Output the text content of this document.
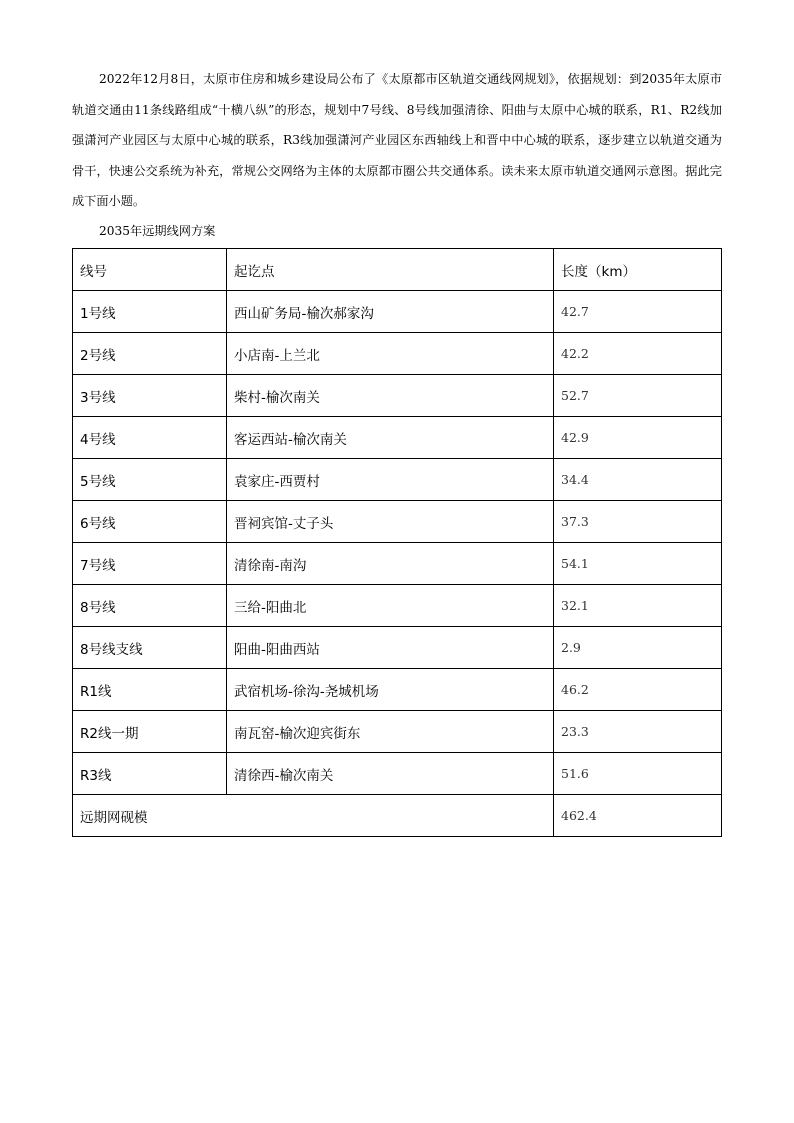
2022年12月8日，太原市住房和城乡建设局公布了《太原都市区轨道交通线网规划》，依据规划：到2035年太原市轨道交通由11条线路组成“十横八纵”的形态，规划中7号线、8号线加强清徐、阳曲与太原中心城的联系，R1、R2线加强潇河产业园区与太原中心城的联系，R3线加强潇河产业园区东西轴线上和晋中中心城的联系，逐步建立以轨道交通为骨干，快速公交系统为补充，常规公交网络为主体的太原都市圈公共交通体系。读未来太原市轨道交通网示意图。据此完成下面小题。

2035年远期线网方案

线号	起讫点	长度（km）
1号线	西山矿务局-榆次郝家沟	42.7
2号线	小店南-上兰北	42.2
3号线	柴村-榆次南关	52.7
4号线	客运西站-榆次南关	42.9
5号线	袁家庄-西贾村	34.4
6号线	晋祠宾馆-丈子头	37.3
7号线	清徐南-南沟	54.1
8号线	三给-阳曲北	32.1
8号线支线	阳曲-阳曲西站	2.9
R1线	武宿机场-徐沟-尧城机场	46.2
R2线一期	南瓦窑-榆次迎宾街东	23.3
R3线	清徐西-榆次南关	51.6
远期网砚模		462.4
